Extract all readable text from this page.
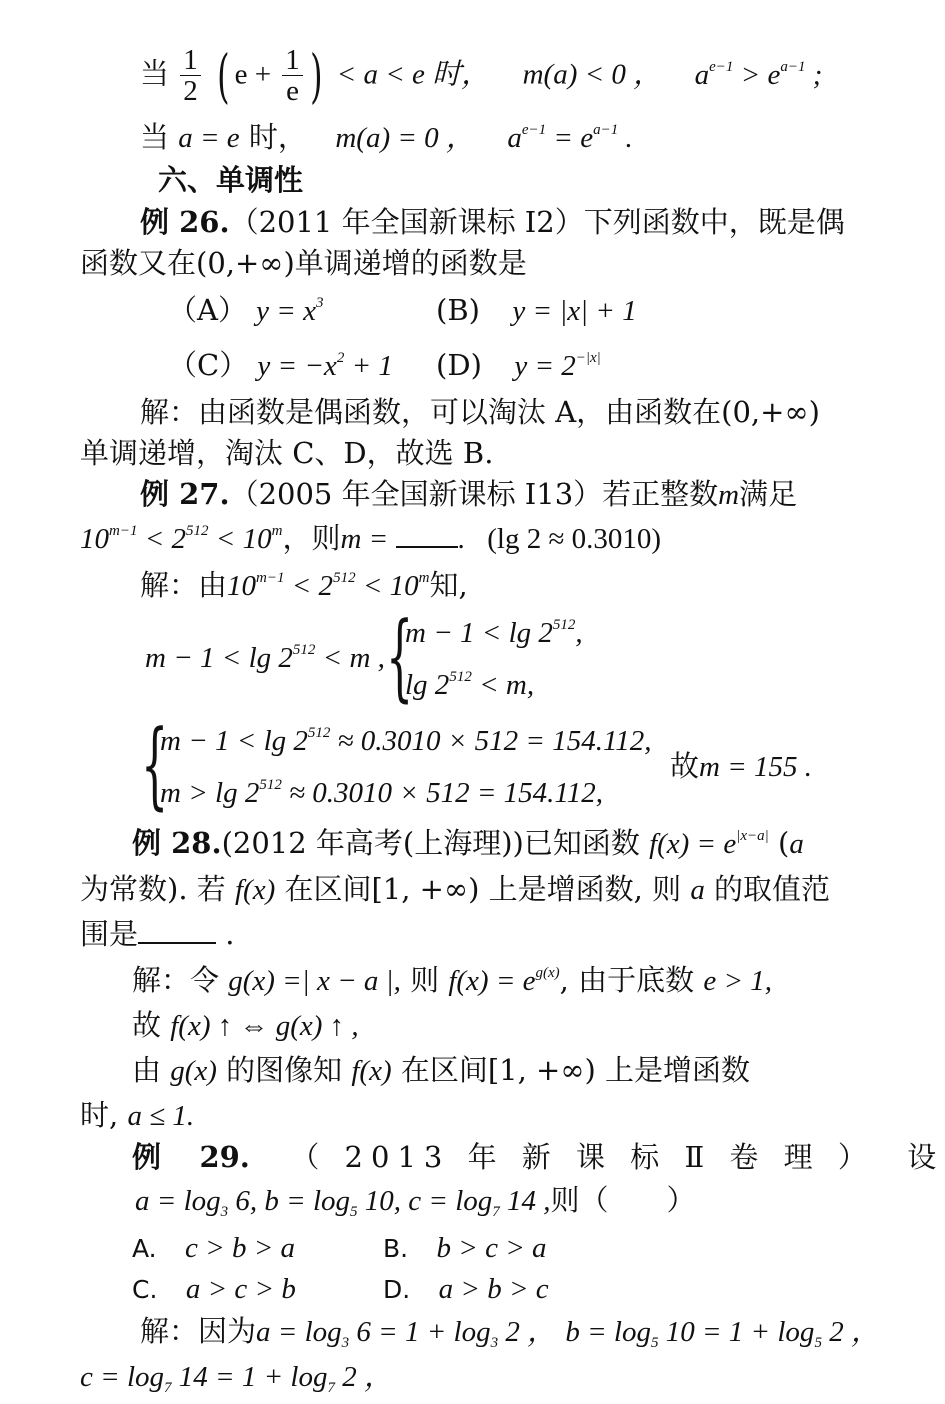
当 $\frac{1}{2}$ ( $e + \frac{1}{e}$ ) < a < e 时， m(a) < 0 ， $a^{e-1} > e^{a-1}$ ;
当 a = e 时， m(a) = 0 ， $a^{e-1} = e^{a-1}$ .
六、单调性
例 26.（2011 年全国新课标 I2）下列函数中，既是偶
函数又在(0,+∞)单调递增的函数是
（A） $y = x^3$	(B) y = |x| + 1
（C） $y = -x^2 + 1$ (D) $y = 2^{-|x|}$
解：由函数是偶函数，可以淘汰 A，由函数在(0,+∞)
单调递增，淘汰 C、D，故选 B.
例 27.（2005 年全国新课标 I13）若正整数m满足
$10^{m-1} < 2^{512} < 10^m$，则m = . (lg 2 ≈ 0.3010)
解：由$10^{m-1} < 2^{512} < 10^m$知,
$m - 1 < \lg 2^{512} < m$ , {
$m - 1 < \lg 2^{512}$,
$\lg 2^{512} < m$,
{
$m - 1 < \lg 2^{512} \approx 0.3010 \times 512 = 154.112$,
$m > \lg 2^{512} \approx 0.3010 \times 512 = 154.112$,
故m = 155 .
例 28.(2012 年高考(上海理))已知函数 $f(x) = e^{|x-a|}$ (a
为常数). 若 f(x) 在区间[1, +∞) 上是增函数, 则 a 的取值范
围是	.
解：令 g(x) =| x − a |, 则 $f(x) = e^{g(x)}$, 由于底数 e > 1,
故 f(x) ↑ ⇔ g(x) ↑ ,
由 g(x) 的图像知 f(x) 在区间[1, +∞) 上是增函数
时, a ≤ 1.
例 29. （ 2013 年 新 课 标 Ⅱ 卷 理 ） 设
$a = \log_3 6$, $b = \log_5 10$, $c = \log_7 14$ ,则（　　）
A. c > b > a	B. b > c > a
C. a > c > b	D. a > b > c
解：因为$a = \log_3 6 = 1 + \log_3 2$ ， $b = \log_5 10 = 1 + \log_5 2$ ，
$c = \log_7 14 = 1 + \log_7 2$ ，
